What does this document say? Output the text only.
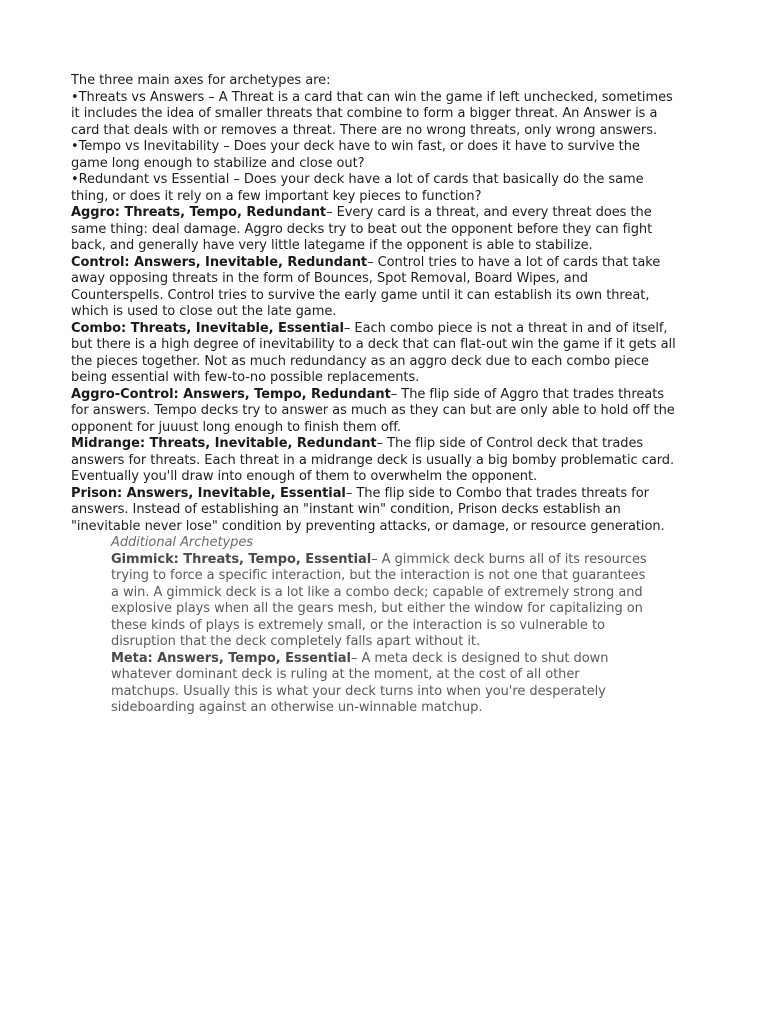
The three main axes for archetypes are:
•Threats vs Answers – A Threat is a card that can win the game if left unchecked, sometimes
it includes the idea of smaller threats that combine to form a bigger threat. An Answer is a
card that deals with or removes a threat. There are no wrong threats, only wrong answers.
•Tempo vs Inevitability – Does your deck have to win fast, or does it have to survive the
game long enough to stabilize and close out?
•Redundant vs Essential – Does your deck have a lot of cards that basically do the same
thing, or does it rely on a few important key pieces to function?
Aggro: Threats, Tempo, Redundant– Every card is a threat, and every threat does the
same thing: deal damage. Aggro decks try to beat out the opponent before they can fight
back, and generally have very little lategame if the opponent is able to stabilize.
Control: Answers, Inevitable, Redundant– Control tries to have a lot of cards that take
away opposing threats in the form of Bounces, Spot Removal, Board Wipes, and
Counterspells. Control tries to survive the early game until it can establish its own threat,
which is used to close out the late game.
Combo: Threats, Inevitable, Essential– Each combo piece is not a threat in and of itself,
but there is a high degree of inevitability to a deck that can flat-out win the game if it gets all
the pieces together. Not as much redundancy as an aggro deck due to each combo piece
being essential with few-to-no possible replacements.
Aggro-Control: Answers, Tempo, Redundant– The flip side of Aggro that trades threats
for answers. Tempo decks try to answer as much as they can but are only able to hold off the
opponent for juuust long enough to finish them off.
Midrange: Threats, Inevitable, Redundant– The flip side of Control deck that trades
answers for threats. Each threat in a midrange deck is usually a big bomby problematic card.
Eventually you'll draw into enough of them to overwhelm the opponent.
Prison: Answers, Inevitable, Essential– The flip side to Combo that trades threats for
answers. Instead of establishing an "instant win" condition, Prison decks establish an
"inevitable never lose" condition by preventing attacks, or damage, or resource generation.
Additional Archetypes
Gimmick: Threats, Tempo, Essential– A gimmick deck burns all of its resources
trying to force a specific interaction, but the interaction is not one that guarantees
a win. A gimmick deck is a lot like a combo deck; capable of extremely strong and
explosive plays when all the gears mesh, but either the window for capitalizing on
these kinds of plays is extremely small, or the interaction is so vulnerable to
disruption that the deck completely falls apart without it.
Meta: Answers, Tempo, Essential– A meta deck is designed to shut down
whatever dominant deck is ruling at the moment, at the cost of all other
matchups. Usually this is what your deck turns into when you're desperately
sideboarding against an otherwise un-winnable matchup.
